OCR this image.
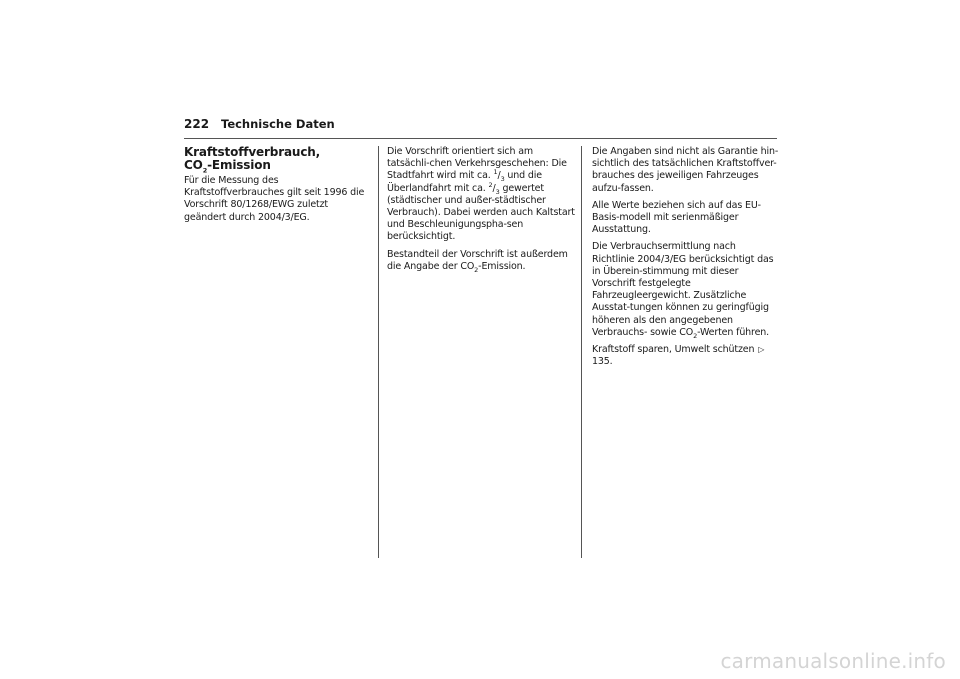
222 Technische Daten
Kraftstoffverbrauch,
$CO_2$-Emission

Für die Messung des Kraftstoffverbrauches gilt seit 1996 die Vorschrift 80/1268/EWG zuletzt geändert durch 2004/3/EG.

Die Vorschrift orientiert sich am tatsächli-chen Verkehrsgeschehen: Die Stadtfahrt wird mit ca. $^1/_3$ und die Überlandfahrt mit ca. $^2/_3$ gewertet (städtischer und außer-städtischer Verbrauch). Dabei werden auch Kaltstart und Beschleunigungspha-sen berücksichtigt.

Bestandteil der Vorschrift ist außerdem die Angabe der $CO_2$-Emission.

Die Angaben sind nicht als Garantie hin-sichtlich des tatsächlichen Kraftstoffver-brauches des jeweiligen Fahrzeuges aufzu-fassen.

Alle Werte beziehen sich auf das EU-Basis-modell mit serienmäßiger Ausstattung.

Die Verbrauchsermittlung nach Richtlinie 2004/3/EG berücksichtigt das in Überein-stimmung mit dieser Vorschrift festgelegte Fahrzeugleergewicht. Zusätzliche Ausstat-tungen können zu geringfügig höheren als den angegebenen Verbrauchs- sowie $CO_2$-Werten führen.

Kraftstoff sparen, Umwelt schützen ▷ 135.

carmanualsonline.info
